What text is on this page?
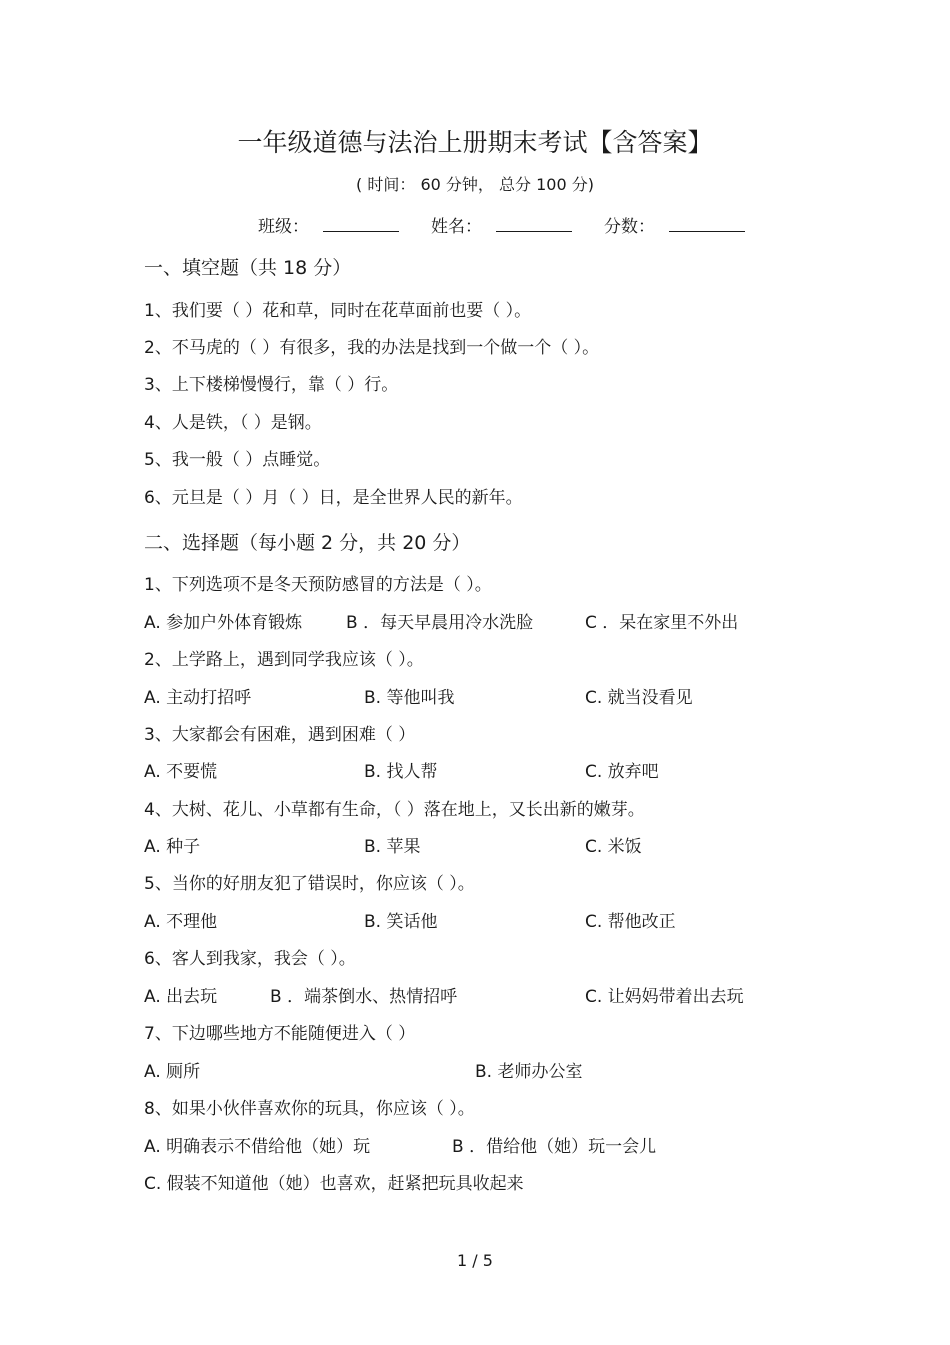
一年级道德与法治上册期末考试【含答案】
( 时间： 60 分钟， 总分 100 分)
班级：	姓名：	分数：
一、填空题（共 18 分）
1、我们要（ ）花和草，同时在花草面前也要（ ）。
2、不马虎的（ ）有很多，我的办法是找到一个做一个（ ）。
3、上下楼梯慢慢行，靠（ ）行。
4、人是铁，（ ）是钢。
5、我一般（ ）点睡觉。
6、元旦是（ ）月（ ）日，是全世界人民的新年。
二、选择题（每小题 2 分，共 20 分）
1、下列选项不是冬天预防感冒的方法是（ ）。
A. 参加户外体育锻炼	B ．每天早晨用冷水洗脸	C ．呆在家里不外出
2、上学路上，遇到同学我应该（ ）。
A. 主动打招呼	B. 等他叫我	C. 就当没看见
3、大家都会有困难，遇到困难（ ）
A. 不要慌	B. 找人帮	C. 放弃吧
4、大树、花儿、小草都有生命，（ ）落在地上，又长出新的嫩芽。
A. 种子	B. 苹果	C. 米饭
5、当你的好朋友犯了错误时，你应该（ ）。
A. 不理他	B. 笑话他	C. 帮他改正
6、客人到我家，我会（ ）。
A. 出去玩	B ．端茶倒水、热情招呼	C. 让妈妈带着出去玩
7、下边哪些地方不能随便进入（ ）
A. 厕所	B. 老师办公室
8、如果小伙伴喜欢你的玩具，你应该（ ）。
A. 明确表示不借给他（她）玩	B ．借给他（她）玩一会儿
C. 假装不知道他（她）也喜欢，赶紧把玩具收起来
1 / 5
